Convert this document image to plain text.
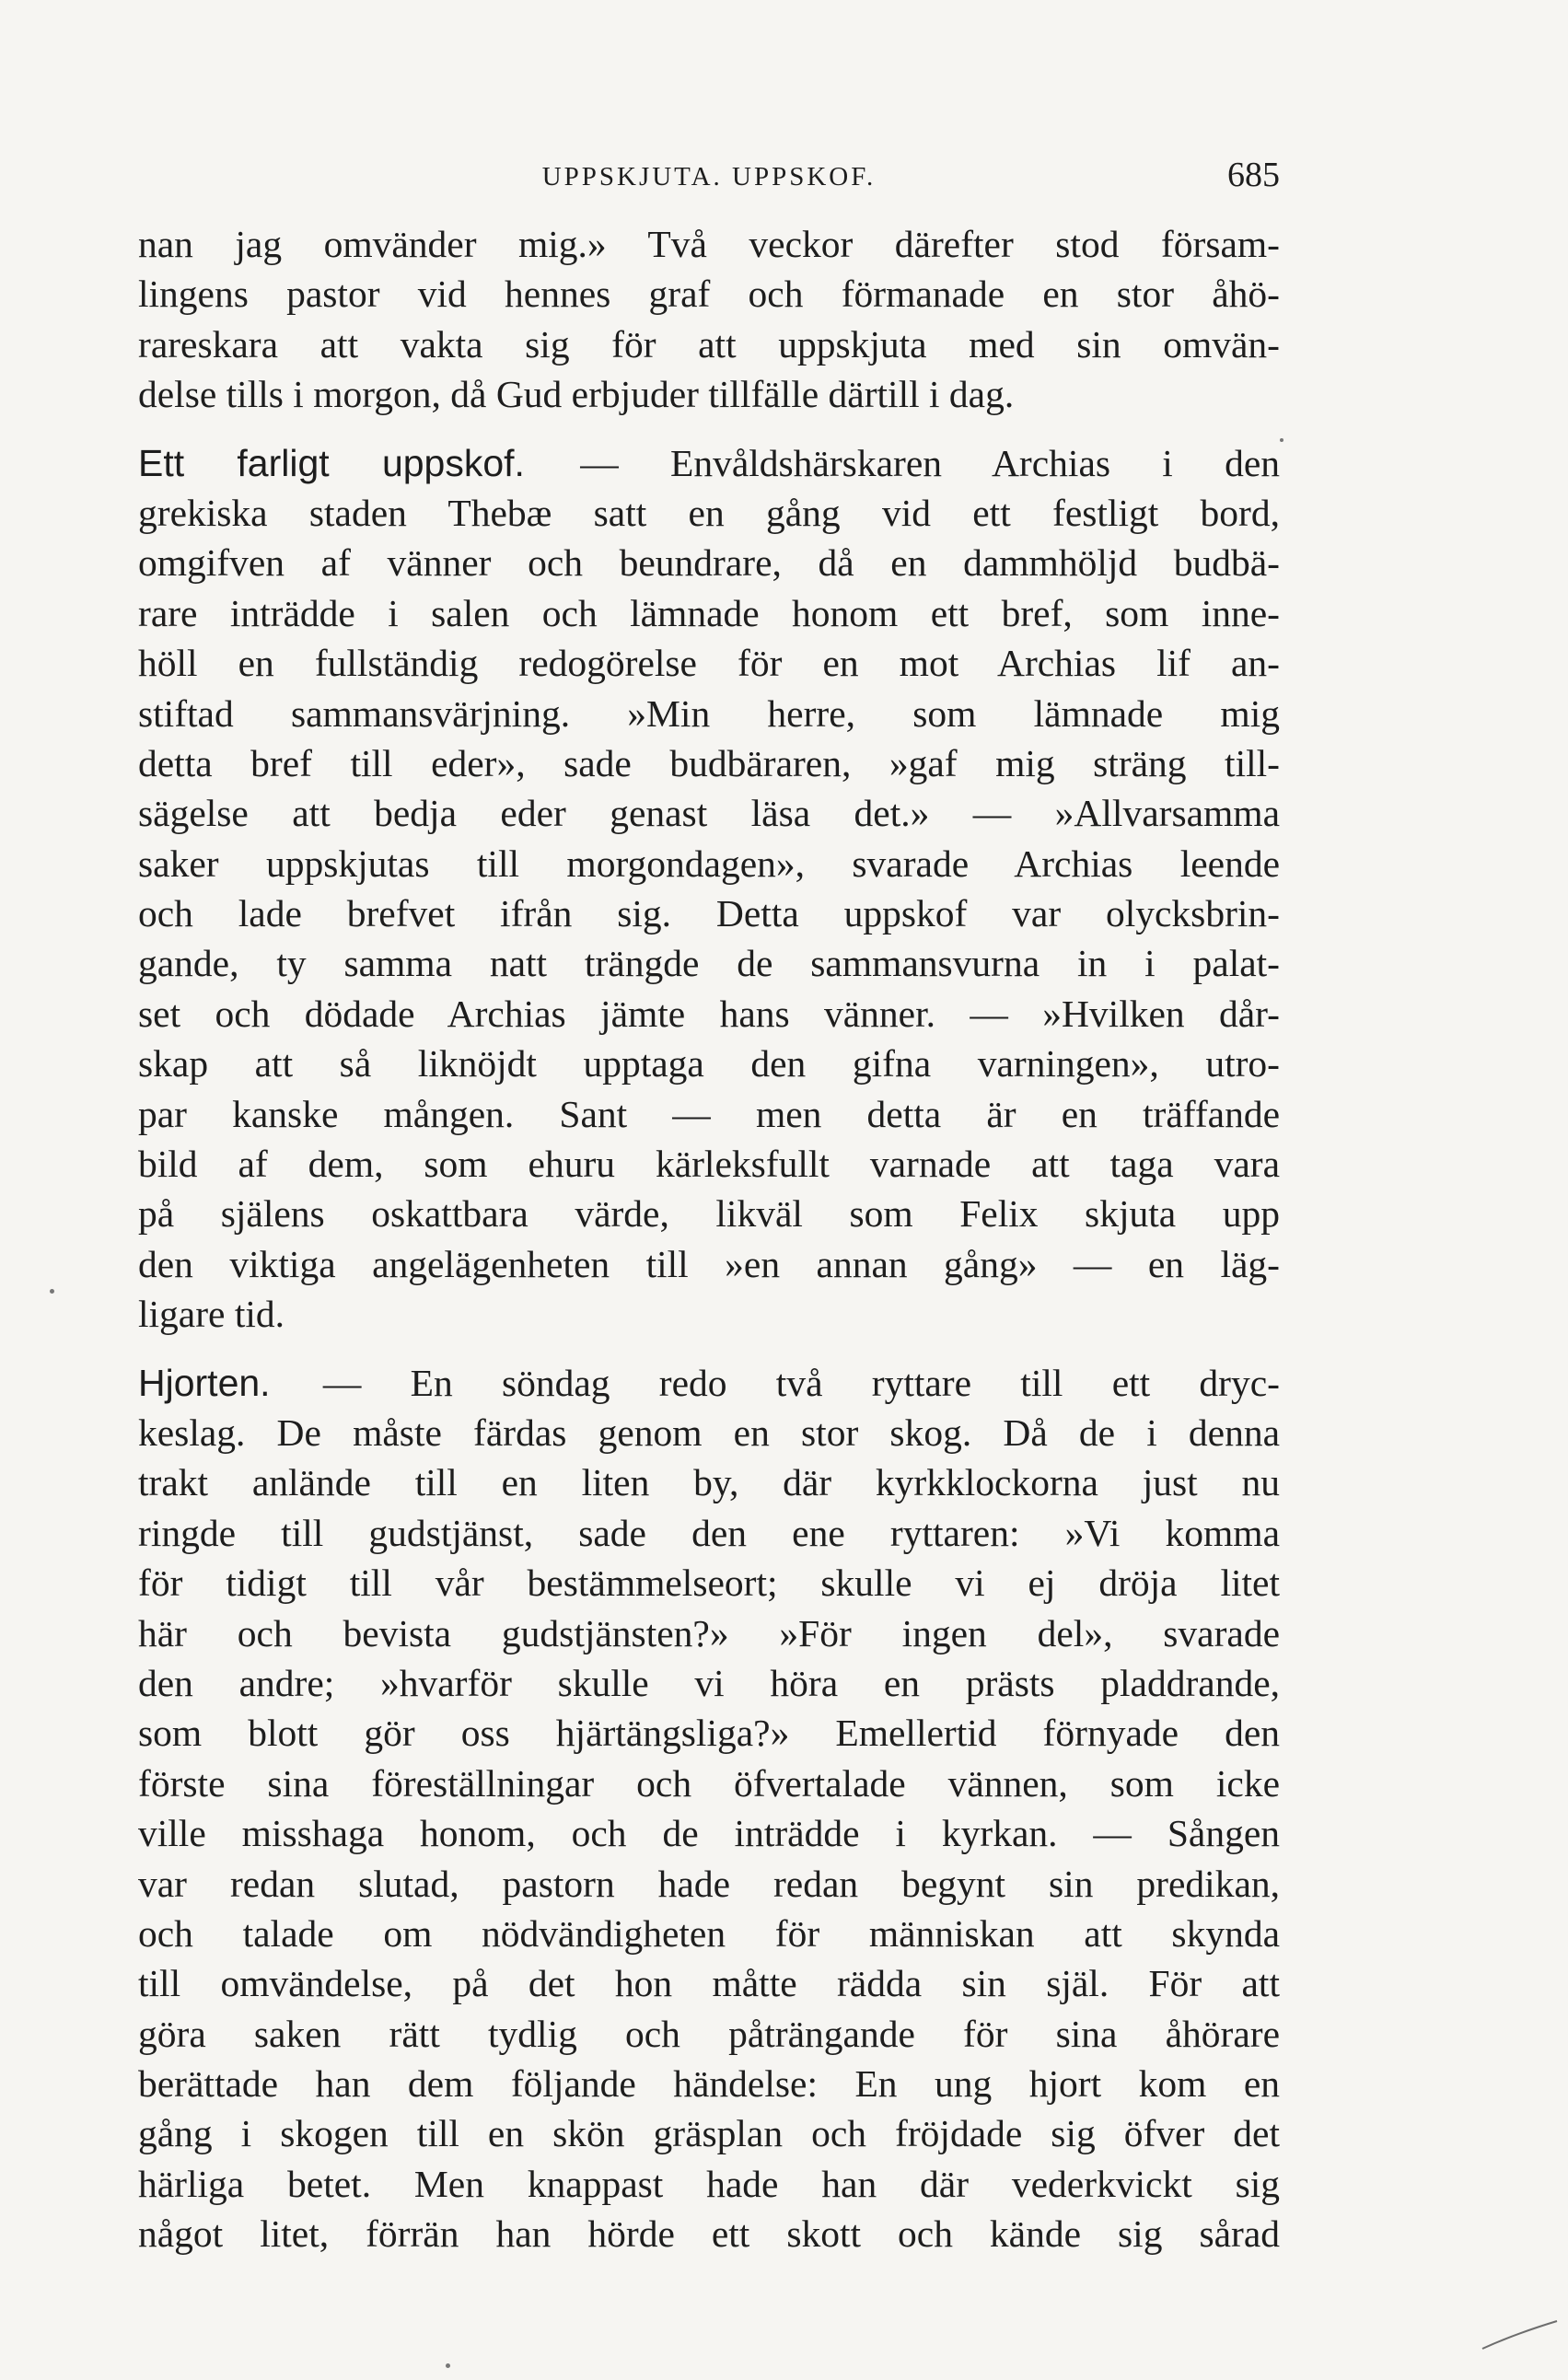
UPPSKJUTA. UPPSKOF.	685
nan jag omvänder mig.» Två veckor därefter stod försam-
lingens pastor vid hennes graf och förmanade en stor åhö-
rareskara att vakta sig för att uppskjuta med sin omvän-
delse tills i morgon, då Gud erbjuder tillfälle därtill i dag.
Ett farligt uppskof. — Envåldshärskaren Archias i den
grekiska staden Thebæ satt en gång vid ett festligt bord,
omgifven af vänner och beundrare, då en dammhöljd budbä-
rare inträdde i salen och lämnade honom ett bref, som inne-
höll en fullständig redogörelse för en mot Archias lif an-
stiftad sammansvärjning. »Min herre, som lämnade mig
detta bref till eder», sade budbäraren, »gaf mig sträng till-
sägelse att bedja eder genast läsa det.» — »Allvarsamma
saker uppskjutas till morgondagen», svarade Archias leende
och lade brefvet ifrån sig. Detta uppskof var olycksbrin-
gande, ty samma natt trängde de sammansvurna in i palat-
set och dödade Archias jämte hans vänner. — »Hvilken dår-
skap att så liknöjdt upptaga den gifna varningen», utro-
par kanske mången. Sant — men detta är en träffande
bild af dem, som ehuru kärleksfullt varnade att taga vara
på själens oskattbara värde, likväl som Felix skjuta upp
den viktiga angelägenheten till »en annan gång» — en läg-
ligare tid.
Hjorten. — En söndag redo två ryttare till ett dryc-
keslag. De måste färdas genom en stor skog. Då de i denna
trakt anlände till en liten by, där kyrkklockorna just nu
ringde till gudstjänst, sade den ene ryttaren: »Vi komma
för tidigt till vår bestämmelseort; skulle vi ej dröja litet
här och bevista gudstjänsten?» »För ingen del», svarade
den andre; »hvarför skulle vi höra en prästs pladdrande,
som blott gör oss hjärtängsliga?» Emellertid förnyade den
förste sina föreställningar och öfvertalade vännen, som icke
ville misshaga honom, och de inträdde i kyrkan. — Sången
var redan slutad, pastorn hade redan begynt sin predikan,
och talade om nödvändigheten för människan att skynda
till omvändelse, på det hon måtte rädda sin själ. För att
göra saken rätt tydlig och påträngande för sina åhörare
berättade han dem följande händelse: En ung hjort kom en
gång i skogen till en skön gräsplan och fröjdade sig öfver det
härliga betet. Men knappast hade han där vederkvickt sig
något litet, förrän han hörde ett skott och kände sig sårad
